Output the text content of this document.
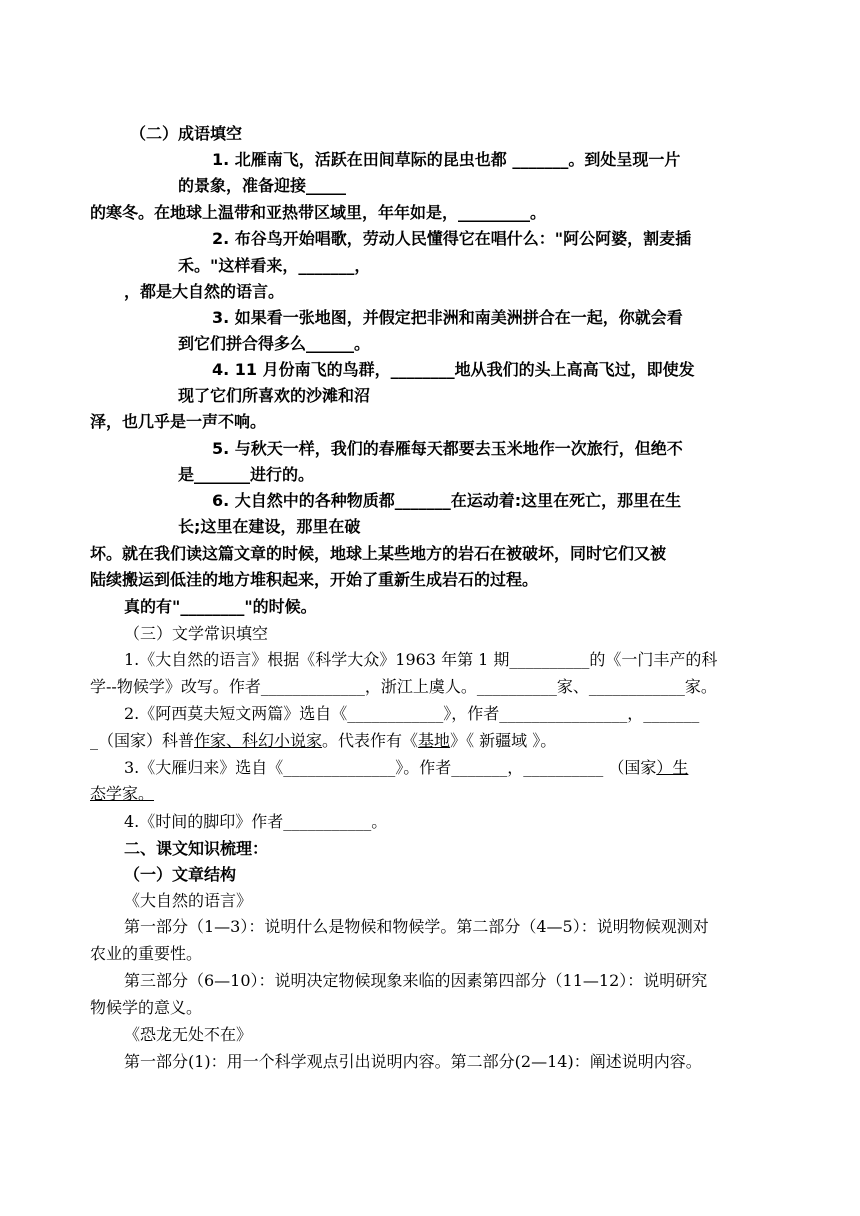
（二）成语填空
1. 北雁南飞，活跃在田间草际的昆虫也都 _______。到处呈现一片
的景象，准备迎接_____
的寒冬。在地球上温带和亚热带区域里，年年如是，_________。
2. 布谷鸟开始唱歌，劳动人民懂得它在唱什么："阿公阿婆，割麦插
禾。"这样看来，_______，
，都是大自然的语言。
3. 如果看一张地图，并假定把非洲和南美洲拼合在一起，你就会看
到它们拼合得多么______。
4. 11 月份南飞的鸟群，________地从我们的头上高高飞过，即使发
现了它们所喜欢的沙滩和沼
泽，也几乎是一声不响。
5. 与秋天一样，我们的春雁每天都要去玉米地作一次旅行，但绝不
是_______进行的。
6. 大自然中的各种物质都_______在运动着:这里在死亡，那里在生
长;这里在建设，那里在破
坏。就在我们读这篇文章的时候，地球上某些地方的岩石在被破坏，同时它们又被
陆续搬运到低洼的地方堆积起来，开始了重新生成岩石的过程。
真的有"________"的时候。
（三）文学常识填空
1.《大自然的语言》根据《科学大众》1963 年第 1 期__________的《一门丰产的科
学--物候学》改写。作者_____________，浙江上虞人。__________家、____________家。
2.《阿西莫夫短文两篇》选自《____________》，作者________________，_______
_（国家）科普作家、科幻小说家。代表作有《基地》《 新疆域 》。
3.《大雁归来》选自《______________》。作者_______，__________ （国家）生
态学家。
4.《时间的脚印》作者___________。
二、课文知识梳理：
（一）文章结构
《大自然的语言》
第一部分（1—3）：说明什么是物候和物候学。第二部分（4—5）：说明物候观测对
农业的重要性。
第三部分（6—10）：说明决定物候现象来临的因素第四部分（11—12）：说明研究
物候学的意义。
《恐龙无处不在》
第一部分(1)：用一个科学观点引出说明内容。第二部分(2—14)：阐述说明内容。
